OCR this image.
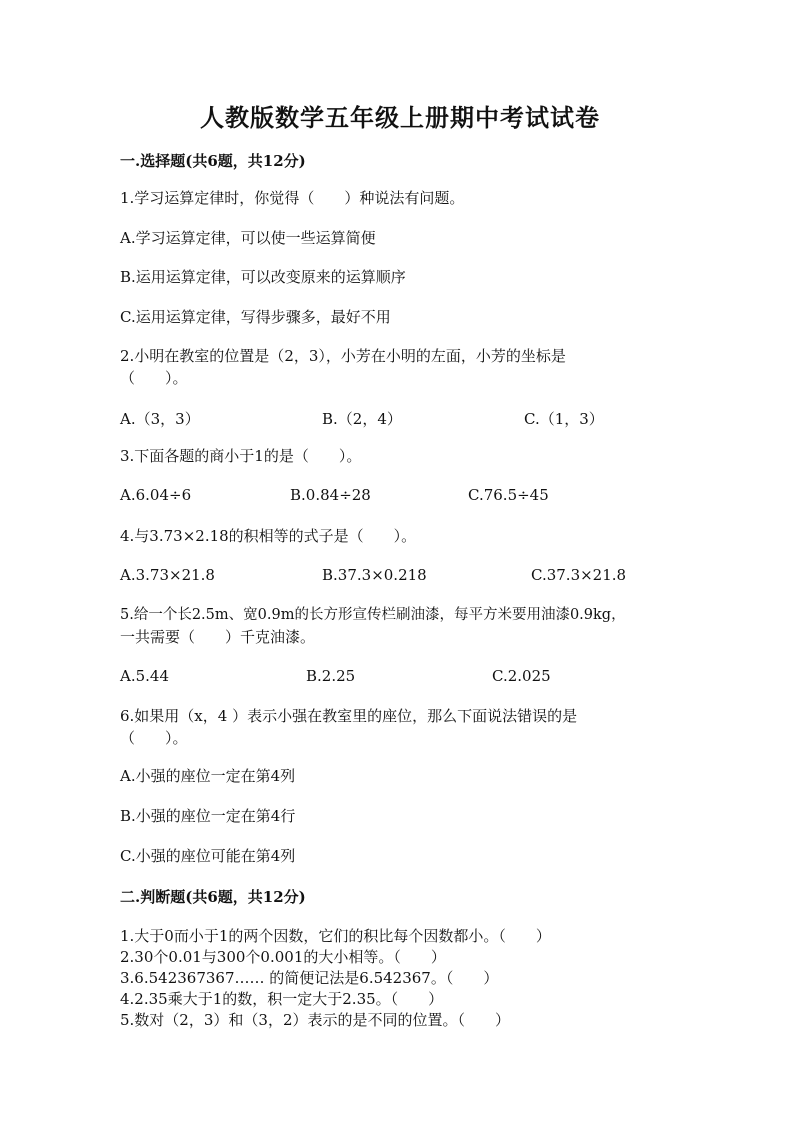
人教版数学五年级上册期中考试试卷
一.选择题(共6题，共12分)
1.学习运算定律时，你觉得（　　）种说法有问题。
A.学习运算定律，可以使一些运算简便
B.运用运算定律，可以改变原来的运算顺序
C.运用运算定律，写得步骤多，最好不用
2.小明在教室的位置是（2，3），小芳在小明的左面，小芳的坐标是
（　　）。
A.（3，3）	B.（2，4）	C.（1，3）
3.下面各题的商小于1的是（　　）。
A.6.04÷6	B.0.84÷28	C.76.5÷45
4.与3.73×2.18的积相等的式子是（　　）。
A.3.73×21.8	B.37.3×0.218	C.37.3×21.8
5.给一个长2.5m、宽0.9m的长方形宣传栏刷油漆，每平方米要用油漆0.9kg，
一共需要（　　）千克油漆。
A.5.44	B.2.25	C.2.025
6.如果用（x，4 ）表示小强在教室里的座位，那么下面说法错误的是
（　　）。
A.小强的座位一定在第4列
B.小强的座位一定在第4行
C.小强的座位可能在第4列
二.判断题(共6题，共12分)
1.大于0而小于1的两个因数，它们的积比每个因数都小。（　　）
2.30个0.01与300个0.001的大小相等。（　　）
3.6.542367367…… 的简便记法是6.542367。（　　）
4.2.35乘大于1的数，积一定大于2.35。（　　）
5.数对（2，3）和（3，2）表示的是不同的位置。（　　）
